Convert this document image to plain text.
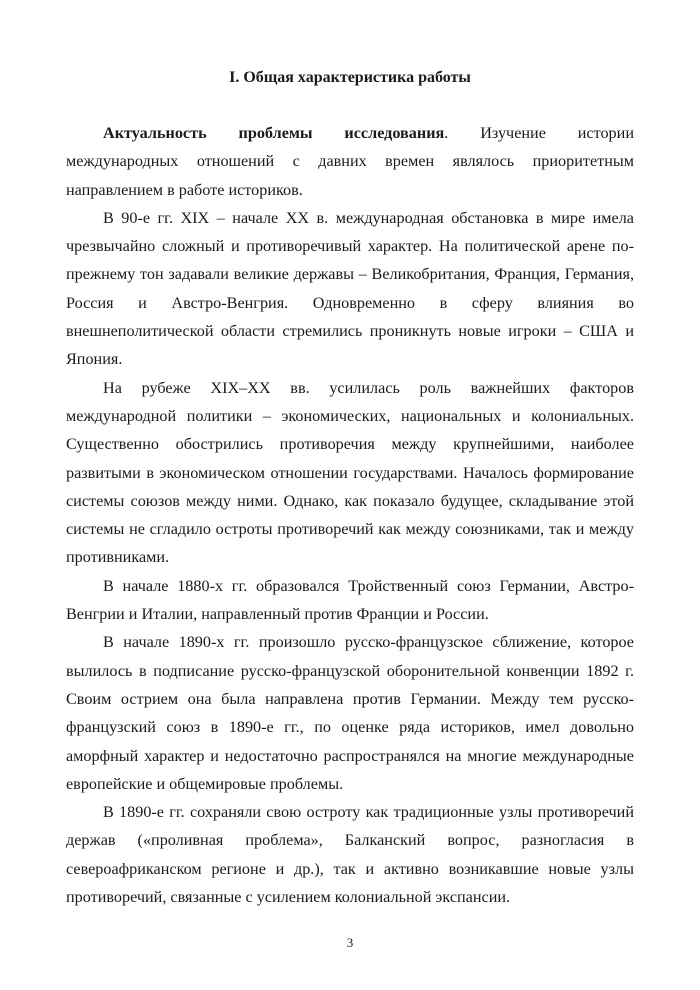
I. Общая характеристика работы

Актуальность проблемы исследования. Изучение истории международных отношений с давних времен являлось приоритетным направлением в работе историков.

В 90-е гг. XIX – начале XX в. международная обстановка в мире имела чрезвычайно сложный и противоречивый характер. На политической арене по-прежнему тон задавали великие державы – Великобритания, Франция, Германия, Россия и Австро-Венгрия. Одновременно в сферу влияния во внешнеполитической области стремились проникнуть новые игроки – США и Япония.

На рубеже XIX–XX вв. усилилась роль важнейших факторов международной политики – экономических, национальных и колониальных. Существенно обострились противоречия между крупнейшими, наиболее развитыми в экономическом отношении государствами. Началось формирование системы союзов между ними. Однако, как показало будущее, складывание этой системы не сгладило остроты противоречий как между союзниками, так и между противниками.

В начале 1880-х гг. образовался Тройственный союз Германии, Австро-Венгрии и Италии, направленный против Франции и России.

В начале 1890-х гг. произошло русско-французское сближение, которое вылилось в подписание русско-французской оборонительной конвенции 1892 г. Своим острием она была направлена против Германии. Между тем русско-французский союз в 1890-е гг., по оценке ряда историков, имел довольно аморфный характер и недостаточно распространялся на многие международные европейские и общемировые проблемы.

В 1890-е гг. сохраняли свою остроту как традиционные узлы противоречий держав («проливная проблема», Балканский вопрос, разногласия в североафриканском регионе и др.), так и активно возникавшие новые узлы противоречий, связанные с усилением колониальной экспансии.

3
